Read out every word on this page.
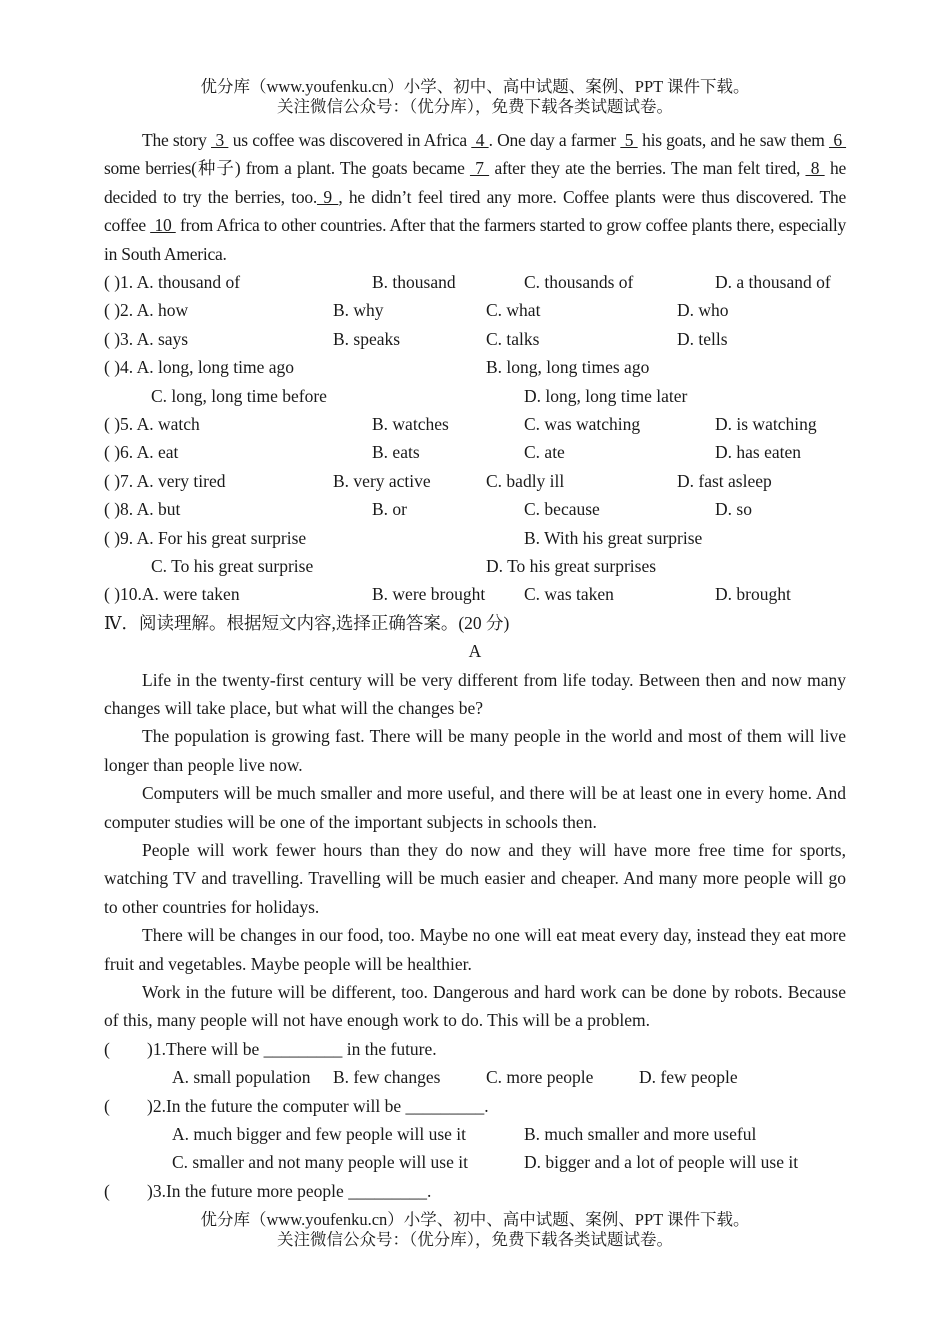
优分库（www.youfenku.cn）小学、初中、高中试题、案例、PPT 课件下载。
关注微信公众号：（优分库），免费下载各类试题试卷。

The story  3  us coffee was discovered in Africa  4 . One day a farmer  5  his goats, and he saw them  6  some berries(种子) from a plant. The goats became  7  after they ate the berries. The man felt tired,  8  he decided to try the berries, too. 9 , he didn’t feel tired any more. Coffee plants were thus discovered. The coffee  10  from Africa to other countries. After that the farmers started to grow coffee plants there, especially in South America.

( )1. A. thousand of	B. thousand	C. thousands of	D. a thousand of
( )2. A. how	B. why	C. what	D. who
( )3. A. says	B. speaks	C. talks	D. tells
( )4. A. long, long time ago	B. long, long times ago
C. long, long time before	D. long, long time later
( )5. A. watch	B. watches	C. was watching	D. is watching
( )6. A. eat	B. eats	C. ate	D. has eaten
( )7. A. very tired	B. very active	C. badly ill	D. fast asleep
( )8. A. but	B. or	C. because	D. so
( )9. A. For his great surprise	B. With his great surprise
C. To his great surprise	D. To his great surprises
( )10.A. were taken	B. were brought C. was taken	D. brought
Ⅳ．阅读理解。根据短文内容,选择正确答案。(20 分)
A

Life in the twenty-first century will be very different from life today. Between then and now many changes will take place, but what will the changes be?

The population is growing fast. There will be many people in the world and most of them will live longer than people live now.

Computers will be much smaller and more useful, and there will be at least one in every home. And computer studies will be one of the important subjects in schools then.

People will work fewer hours than they do now and they will have more free time for sports, watching TV and travelling. Travelling will be much easier and cheaper. And many more people will go to other countries for holidays.

There will be changes in our food, too. Maybe no one will eat meat every day, instead they eat more fruit and vegetables. Maybe people will be healthier.

Work in the future will be different, too. Dangerous and hard work can be done by robots. Because of this, many people will not have enough work to do. This will be a problem.

( )1.There will be _________ in the future.
A. small population B. few changes	C. more people	D. few people
( )2.In the future the computer will be _________.
A. much bigger and few people will use it	B. much smaller and more useful
C. smaller and not many people will use it	D. bigger and a lot of people will use it
( )3.In the future more people _________.
优分库（www.youfenku.cn）小学、初中、高中试题、案例、PPT 课件下载。
关注微信公众号：（优分库），免费下载各类试题试卷。
